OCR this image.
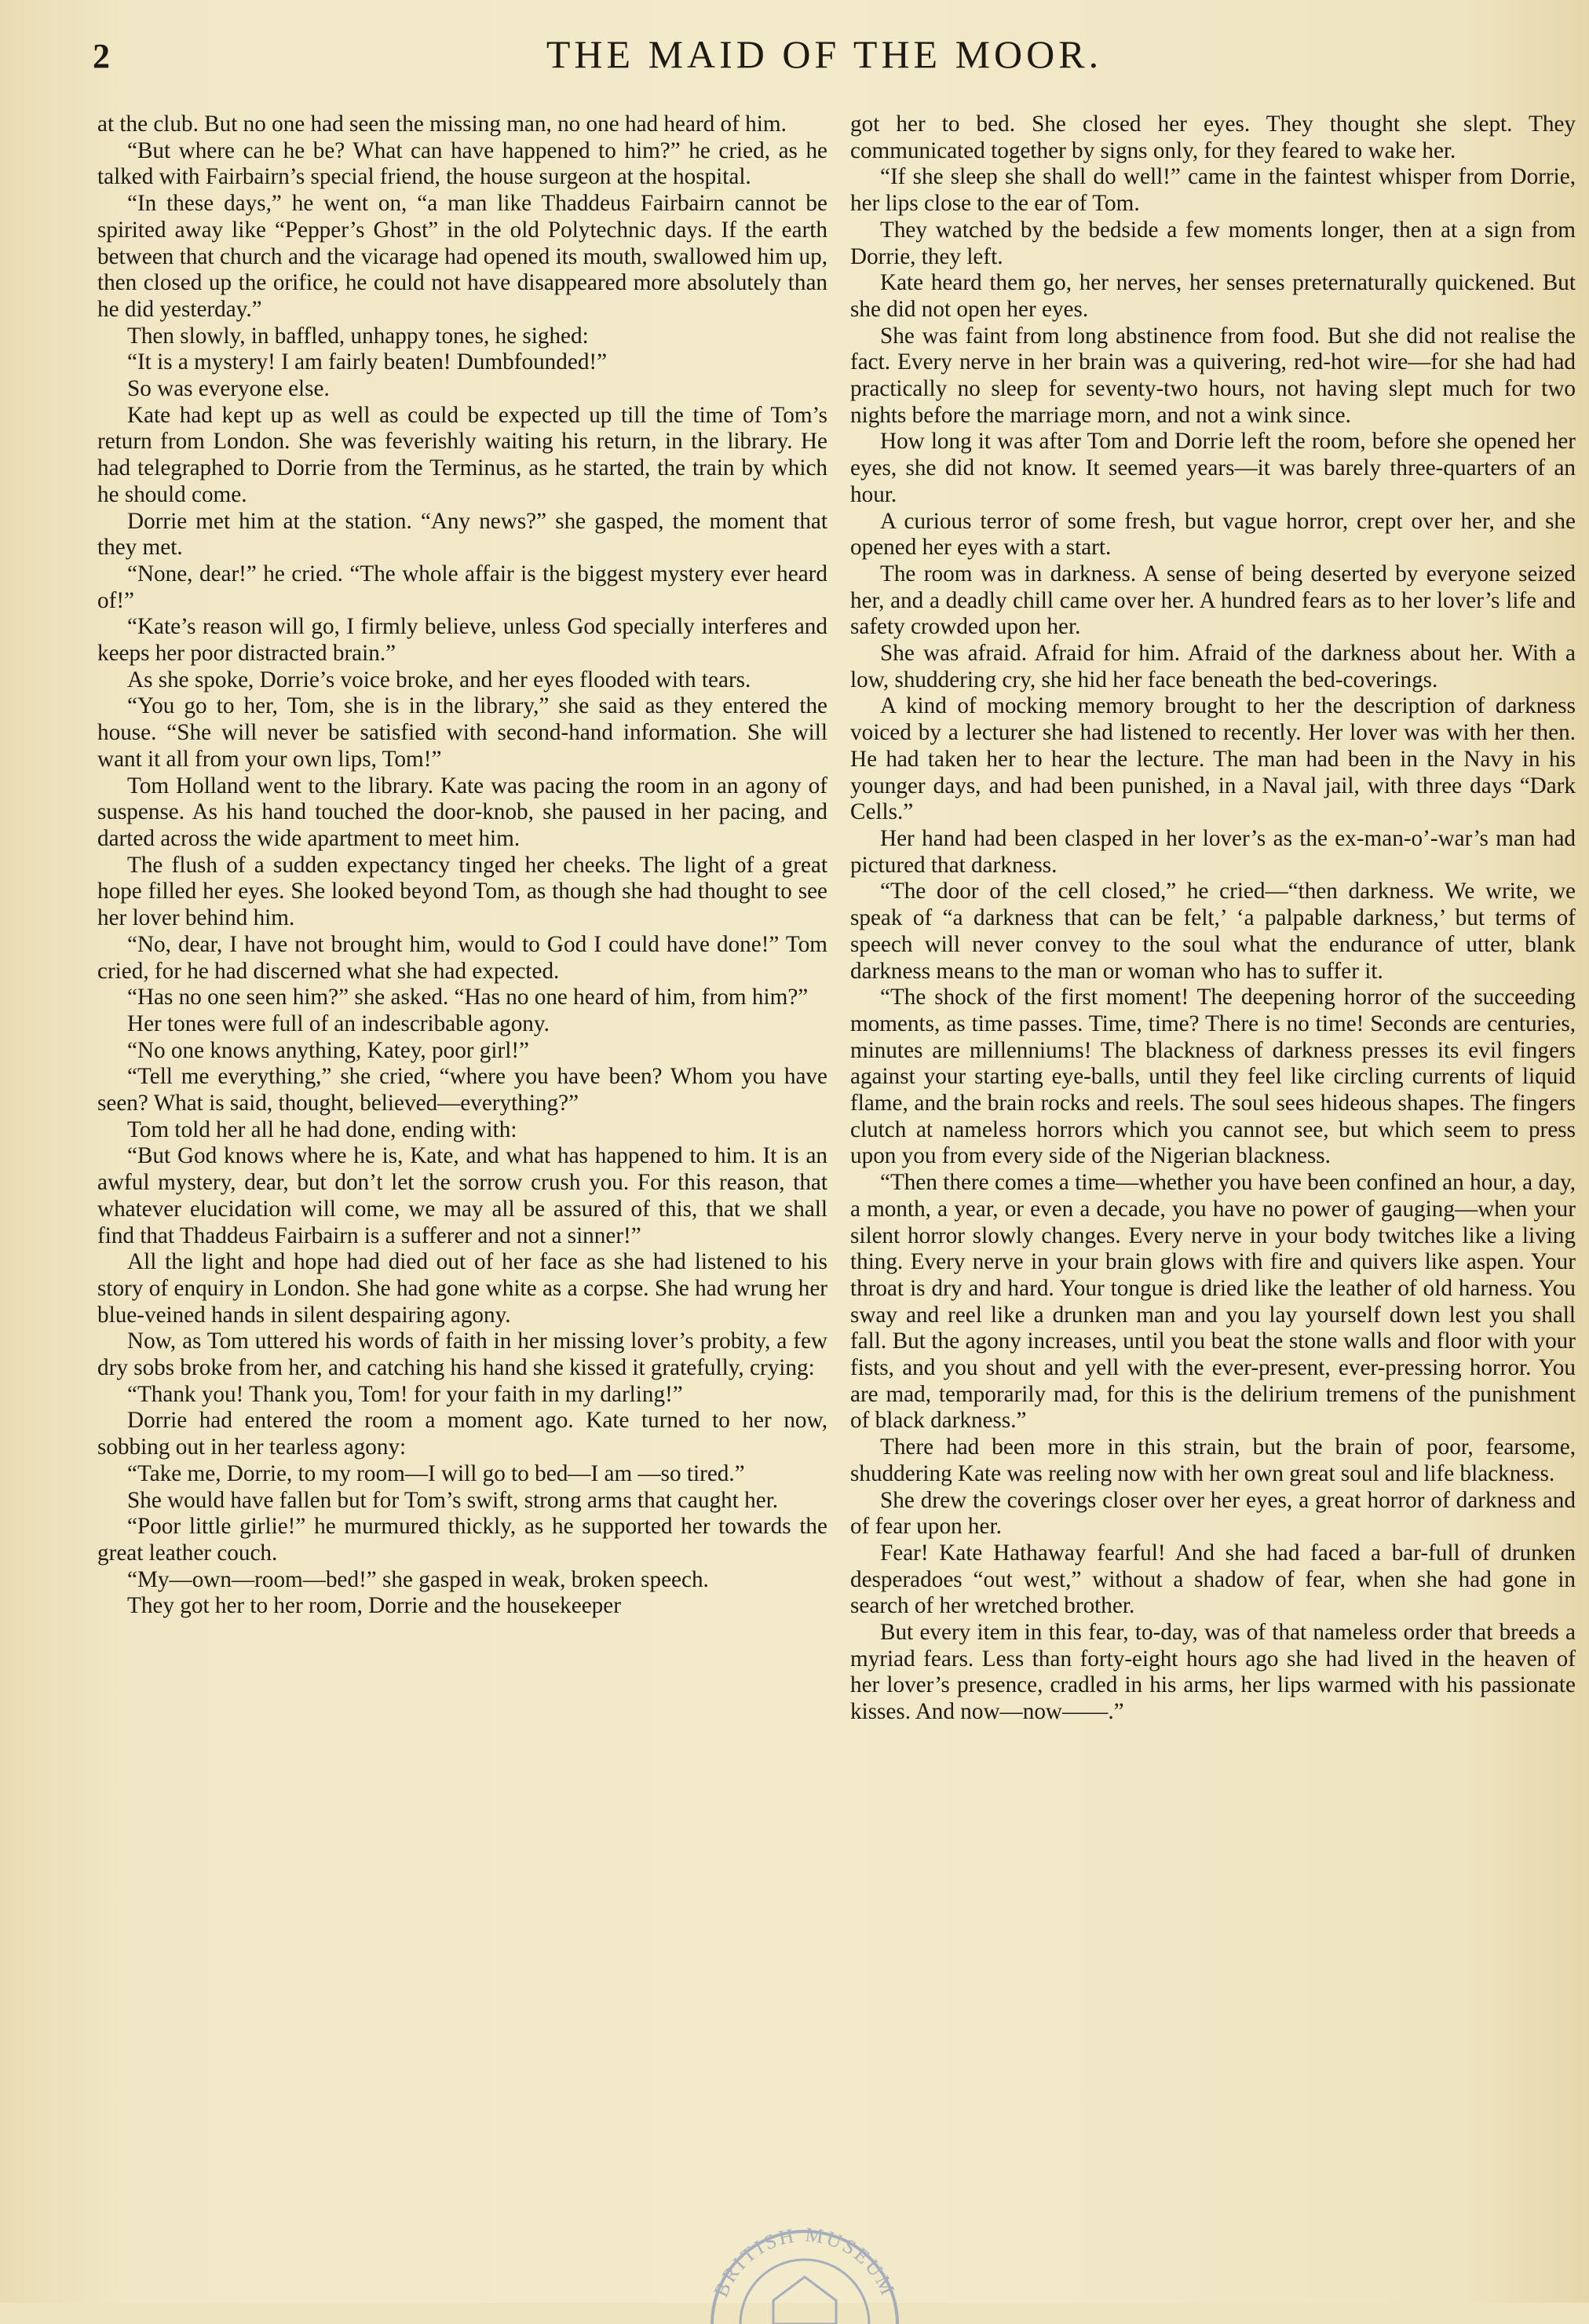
2	THE MAID OF THE MOOR.

at the club. But no one had seen the missing man, no one had heard of him.

“But where can he be? What can have happened to him?” he cried, as he talked with Fairbairn’s special friend, the house surgeon at the hospital.

“In these days,” he went on, “a man like Thaddeus Fairbairn cannot be spirited away like “Pepper’s Ghost” in the old Polytechnic days. If the earth between that church and the vicarage had opened its mouth, swallowed him up, then closed up the orifice, he could not have disappeared more absolutely than he did yesterday.”

Then slowly, in baffled, unhappy tones, he sighed:

“It is a mystery! I am fairly beaten! Dumbfounded!”

So was everyone else.

Kate had kept up as well as could be expected up till the time of Tom’s return from London. She was feverishly waiting his return, in the library. He had telegraphed to Dorrie from the Terminus, as he started, the train by which he should come.

Dorrie met him at the station. “Any news?” she gasped, the moment that they met.

“None, dear!” he cried. “The whole affair is the biggest mystery ever heard of!”

“Kate’s reason will go, I firmly believe, unless God specially interferes and keeps her poor distracted brain.”

As she spoke, Dorrie’s voice broke, and her eyes flooded with tears.

“You go to her, Tom, she is in the library,” she said as they entered the house. “She will never be satisfied with second-hand information. She will want it all from your own lips, Tom!”

Tom Holland went to the library. Kate was pacing the room in an agony of suspense. As his hand touched the door-knob, she paused in her pacing, and darted across the wide apartment to meet him.

The flush of a sudden expectancy tinged her cheeks. The light of a great hope filled her eyes. She looked beyond Tom, as though she had thought to see her lover behind him.

“No, dear, I have not brought him, would to God I could have done!” Tom cried, for he had discerned what she had expected.

“Has no one seen him?” she asked. “Has no one heard of him, from him?”

Her tones were full of an indescribable agony.

“No one knows anything, Katey, poor girl!”

“Tell me everything,” she cried, “where you have been? Whom you have seen? What is said, thought, believed—everything?”

Tom told her all he had done, ending with:

“But God knows where he is, Kate, and what has happened to him. It is an awful mystery, dear, but don’t let the sorrow crush you. For this reason, that whatever elucidation will come, we may all be assured of this, that we shall find that Thaddeus Fairbairn is a sufferer and not a sinner!”

All the light and hope had died out of her face as she had listened to his story of enquiry in London. She had gone white as a corpse. She had wrung her blue-veined hands in silent despairing agony.

Now, as Tom uttered his words of faith in her missing lover’s probity, a few dry sobs broke from her, and catching his hand she kissed it gratefully, crying:

“Thank you! Thank you, Tom! for your faith in my darling!”

Dorrie had entered the room a moment ago. Kate turned to her now, sobbing out in her tearless agony:

“Take me, Dorrie, to my room—I will go to bed—I am —so tired.”

She would have fallen but for Tom’s swift, strong arms that caught her.

“Poor little girlie!” he murmured thickly, as he supported her towards the great leather couch.

“My—own—room—bed!” she gasped in weak, broken speech.

They got her to her room, Dorrie and the housekeeper

got her to bed. She closed her eyes. They thought she slept. They communicated together by signs only, for they feared to wake her.

“If she sleep she shall do well!” came in the faintest whisper from Dorrie, her lips close to the ear of Tom.

They watched by the bedside a few moments longer, then at a sign from Dorrie, they left.

Kate heard them go, her nerves, her senses preternaturally quickened. But she did not open her eyes.

She was faint from long abstinence from food. But she did not realise the fact. Every nerve in her brain was a quivering, red-hot wire—for she had had practically no sleep for seventy-two hours, not having slept much for two nights before the marriage morn, and not a wink since.

How long it was after Tom and Dorrie left the room, before she opened her eyes, she did not know. It seemed years—it was barely three-quarters of an hour.

A curious terror of some fresh, but vague horror, crept over her, and she opened her eyes with a start.

The room was in darkness. A sense of being deserted by everyone seized her, and a deadly chill came over her. A hundred fears as to her lover’s life and safety crowded upon her.

She was afraid. Afraid for him. Afraid of the darkness about her. With a low, shuddering cry, she hid her face beneath the bed-coverings.

A kind of mocking memory brought to her the description of darkness voiced by a lecturer she had listened to recently. Her lover was with her then. He had taken her to hear the lecture. The man had been in the Navy in his younger days, and had been punished, in a Naval jail, with three days “Dark Cells.”

Her hand had been clasped in her lover’s as the ex-man-o’-war’s man had pictured that darkness.

“The door of the cell closed,” he cried—“then darkness. We write, we speak of “a darkness that can be felt,’ ‘a palpable darkness,’ but terms of speech will never convey to the soul what the endurance of utter, blank darkness means to the man or woman who has to suffer it.

“The shock of the first moment! The deepening horror of the succeeding moments, as time passes. Time, time? There is no time! Seconds are centuries, minutes are millenniums! The blackness of darkness presses its evil fingers against your starting eye-balls, until they feel like circling currents of liquid flame, and the brain rocks and reels. The soul sees hideous shapes. The fingers clutch at nameless horrors which you cannot see, but which seem to press upon you from every side of the Nigerian blackness.

“Then there comes a time—whether you have been confined an hour, a day, a month, a year, or even a decade, you have no power of gauging—when your silent horror slowly changes. Every nerve in your body twitches like a living thing. Every nerve in your brain glows with fire and quivers like aspen. Your throat is dry and hard. Your tongue is dried like the leather of old harness. You sway and reel like a drunken man and you lay yourself down lest you shall fall. But the agony increases, until you beat the stone walls and floor with your fists, and you shout and yell with the ever-present, ever-pressing horror. You are mad, temporarily mad, for this is the delirium tremens of the punishment of black darkness.”

There had been more in this strain, but the brain of poor, fearsome, shuddering Kate was reeling now with her own great soul and life blackness.

She drew the coverings closer over her eyes, a great horror of darkness and of fear upon her.

Fear! Kate Hathaway fearful! And she had faced a bar-full of drunken desperadoes “out west,” without a shadow of fear, when she had gone in search of her wretched brother.

But every item in this fear, to-day, was of that nameless order that breeds a myriad fears. Less than forty-eight hours ago she had lived in the heaven of her lover’s presence, cradled in his arms, her lips warmed with his passionate kisses. And now—now——.”

BRITISH MUSEUM
